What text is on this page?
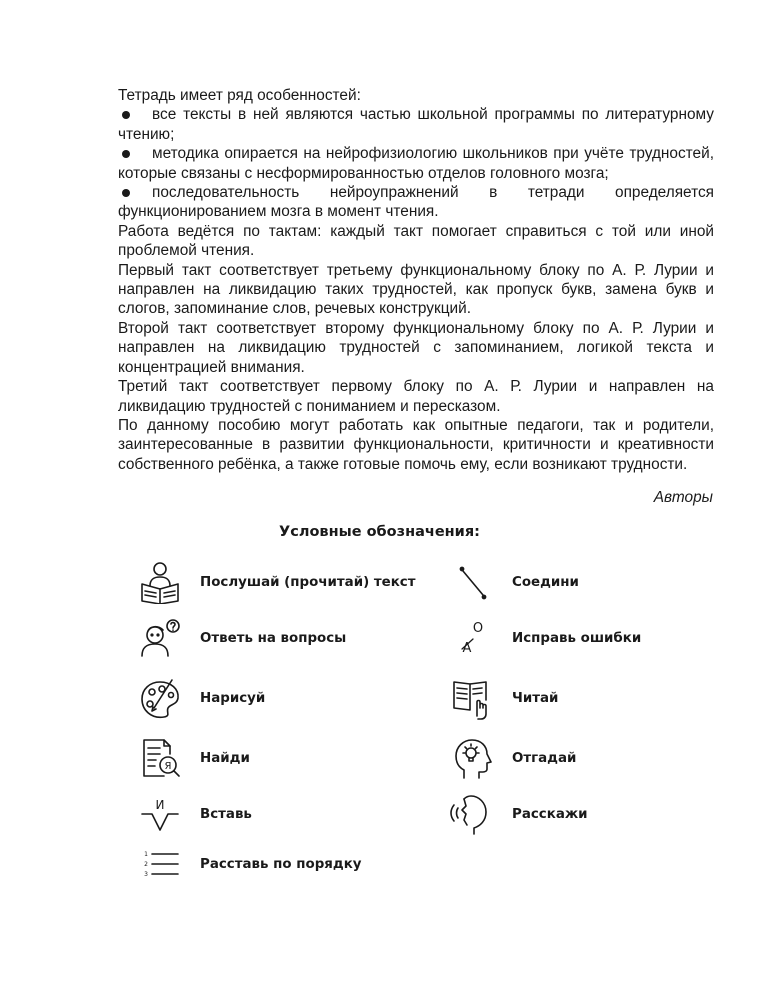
Тетрадь имеет ряд особенностей:

все тексты в ней являются частью школьной программы по литературному чтению;

методика опирается на нейрофизиологию школьников при учёте трудностей, которые связаны с несформированностью отделов головного мозга;

последовательность нейроупражнений в тетради определяется функционированием мозга в момент чтения.

Работа ведётся по тактам: каждый такт помогает справиться с той или иной проблемой чтения.

Первый такт соответствует третьему функциональному блоку по А. Р. Лурии и направлен на ликвидацию таких трудностей, как пропуск букв, замена букв и слогов, запоминание слов, речевых конструкций.

Второй такт соответствует второму функциональному блоку по А. Р. Лурии и направлен на ликвидацию трудностей с запоминанием, логикой текста и концентрацией внимания.

Третий такт соответствует первому блоку по А. Р. Лурии и направлен на ликвидацию трудностей с пониманием и пересказом.

По данному пособию могут работать как опытные педагоги, так и родители, заинтересованные в развитии функциональности, критичности и креативности собственного ребёнка, а также готовые помочь ему, если возникают трудности.

Авторы
Условные обозначения:
Послушай (прочитай) текст
Ответь на вопросы
Нарисуй
Я
Найди
И
Вставь
1
2
3
Расставь по порядку
Соедини
О
А
Исправь ошибки
Читай
Отгадай
Расскажи
